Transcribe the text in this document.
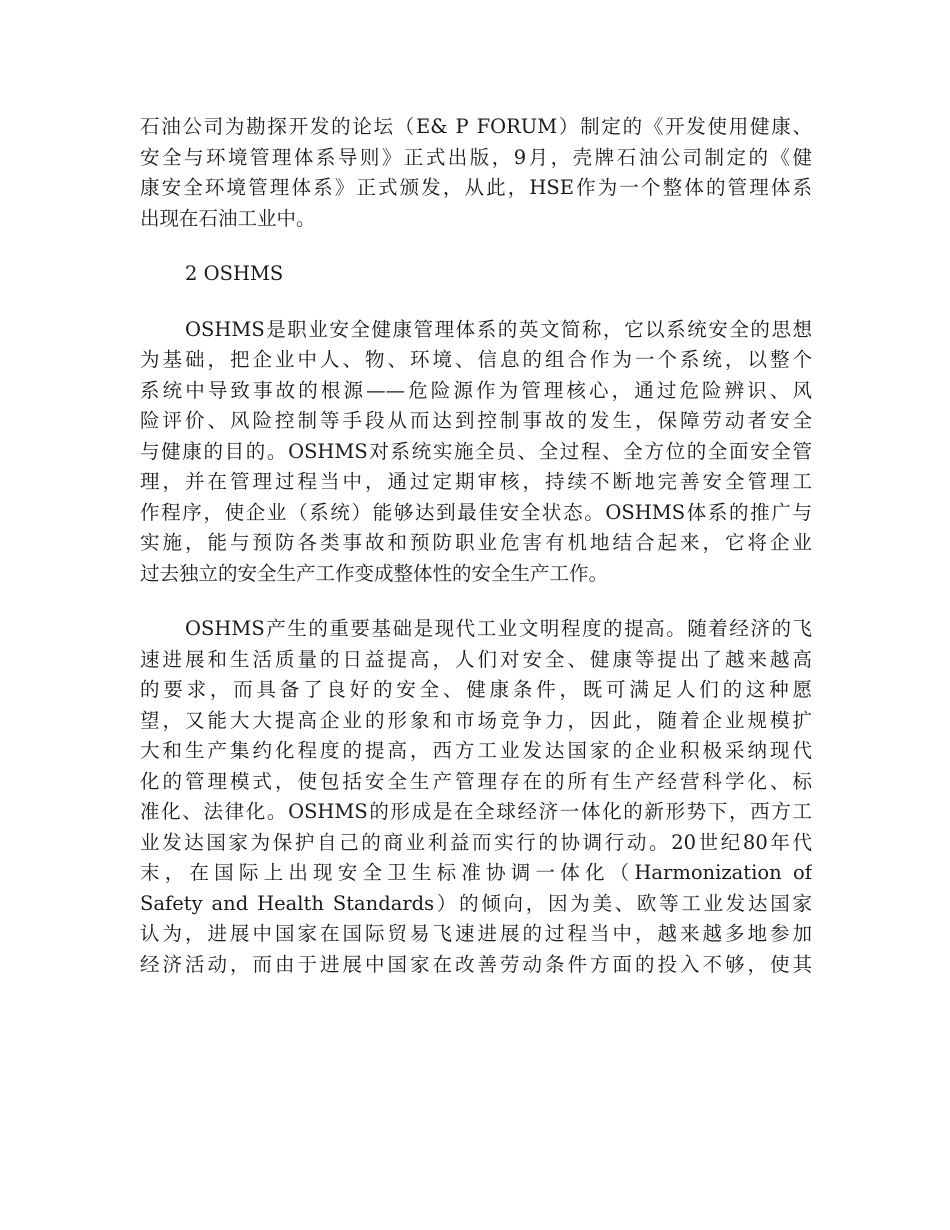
石油公司为勘探开发的论坛（E& P FORUM）制定的《开发使用健康、
安全与环境管理体系导则》正式出版，9月，壳牌石油公司制定的《健
康安全环境管理体系》正式颁发，从此，HSE作为一个整体的管理体系
出现在石油工业中。
2 OSHMS
OSHMS是职业安全健康管理体系的英文简称，它以系统安全的思想
为基础，把企业中人、物、环境、信息的组合作为一个系统，以整个
系统中导致事故的根源——危险源作为管理核心，通过危险辨识、风
险评价、风险控制等手段从而达到控制事故的发生，保障劳动者安全
与健康的目的。OSHMS对系统实施全员、全过程、全方位的全面安全管
理，并在管理过程当中，通过定期审核，持续不断地完善安全管理工
作程序，使企业（系统）能够达到最佳安全状态。OSHMS体系的推广与
实施，能与预防各类事故和预防职业危害有机地结合起来，它将企业
过去独立的安全生产工作变成整体性的安全生产工作。
OSHMS产生的重要基础是现代工业文明程度的提高。随着经济的飞
速进展和生活质量的日益提高，人们对安全、健康等提出了越来越高
的要求，而具备了良好的安全、健康条件，既可满足人们的这种愿
望，又能大大提高企业的形象和市场竞争力，因此，随着企业规模扩
大和生产集约化程度的提高，西方工业发达国家的企业积极采纳现代
化的管理模式，使包括安全生产管理存在的所有生产经营科学化、标
准化、法律化。OSHMS的形成是在全球经济一体化的新形势下，西方工
业发达国家为保护自己的商业利益而实行的协调行动。20世纪80年代
末，在国际上出现安全卫生标准协调一体化（Harmonization of
Safety and Health Standards）的倾向，因为美、欧等工业发达国家
认为，进展中国家在国际贸易飞速进展的过程当中，越来越多地参加
经济活动，而由于进展中国家在改善劳动条件方面的投入不够，使其
